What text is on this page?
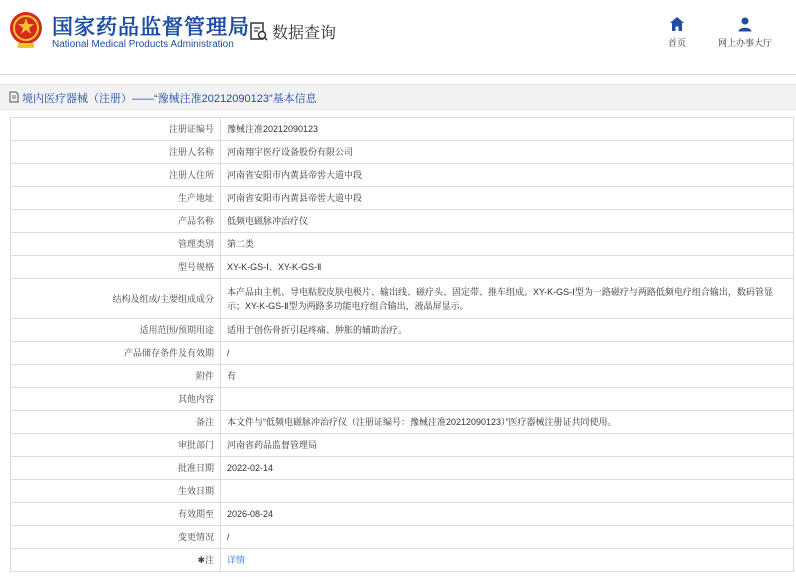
国家药品监督管理局
National Medical Products Administration
数据查询
首页	网上办事大厅
境内医疗器械（注册）——“豫械注准20212090123”基本信息
注册证编号	豫械注准20212090123
注册人名称	河南翔宇医疗设备股份有限公司
注册人住所	河南省安阳市内黄县帝喾大道中段
生产地址	河南省安阳市内黄县帝喾大道中段
产品名称	低频电磁脉冲治疗仪
管理类别	第二类
型号规格	XY-K-GS-Ⅰ、XY-K-GS-Ⅱ
结构及组成/主要组成成分	本产品由主机、导电粘胶皮肤电极片、输出线、磁疗头、固定带、推车组成。XY-K-GS-Ⅰ型为一路磁疗与两路低频电疗组合输出，数码管显示；XY-K-GS-Ⅱ型为两路多功能电疗组合输出，液晶屏显示。
适用范围/预期用途	适用于创伤骨折引起疼痛、肿胀的辅助治疗。
产品储存条件及有效期	/
附件	有
其他内容	
备注	本文件与“低频电磁脉冲治疗仪（注册证编号：豫械注准20212090123）”医疗器械注册证共同使用。
审批部门	河南省药品监督管理局
批准日期	2022-02-14
生效日期	
有效期至	2026-08-24
变更情况	/
✱注	详情
